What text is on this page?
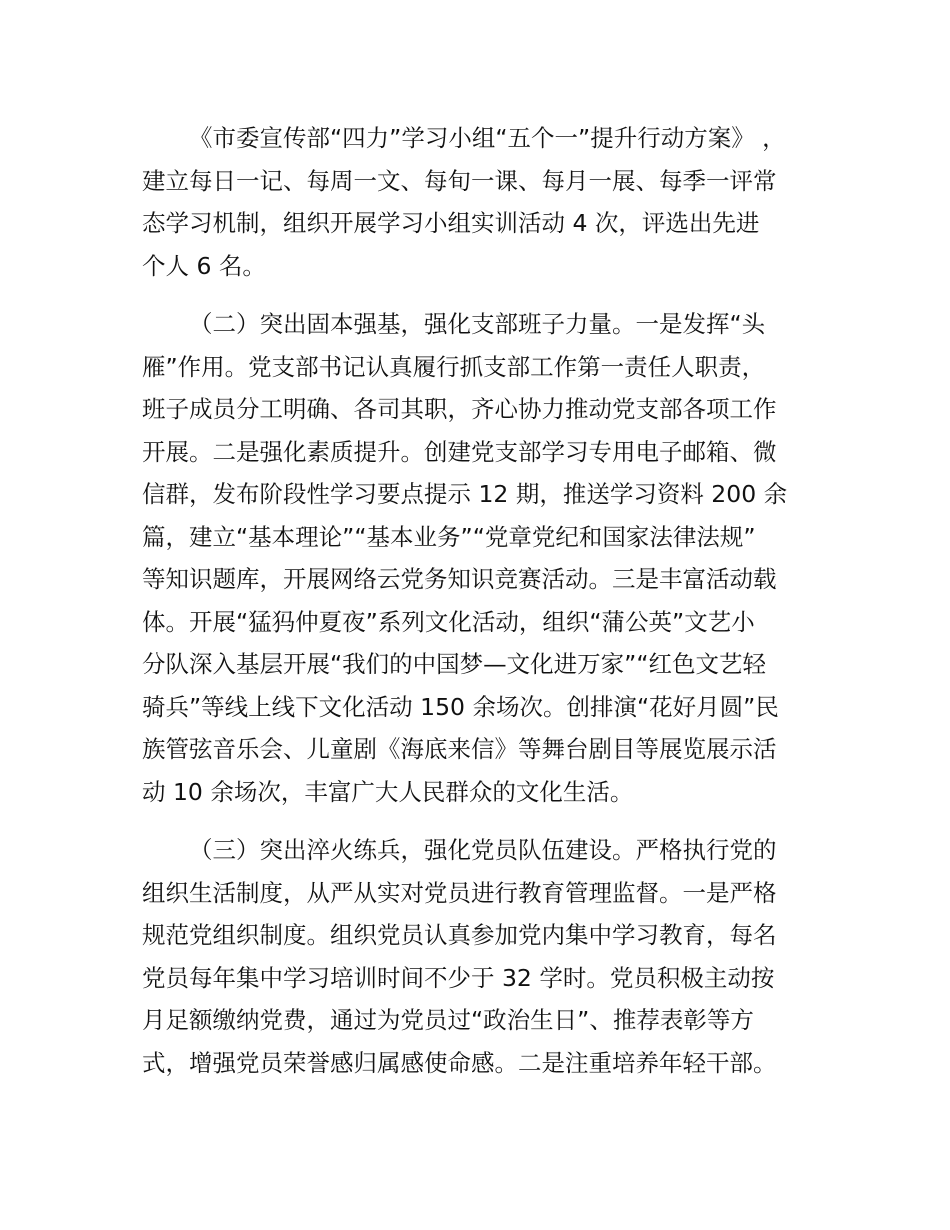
《市委宣传部“四力”学习小组“五个一”提升行动方案》 ，
建立每日一记、每周一文、每旬一课、每月一展、每季一评常
态学习机制，组织开展学习小组实训活动 4 次，评选出先进
个人 6 名。
（二）突出固本强基，强化支部班子力量。一是发挥“头
雁”作用。党支部书记认真履行抓支部工作第一责任人职责，
班子成员分工明确、各司其职，齐心协力推动党支部各项工作
开展。二是强化素质提升。创建党支部学习专用电子邮箱、微
信群，发布阶段性学习要点提示 12 期，推送学习资料 200 余
篇，建立“基本理论”“基本业务”“党章党纪和国家法律法规”
等知识题库，开展网络云党务知识竞赛活动。三是丰富活动载
体。开展“猛犸仲夏夜”系列文化活动，组织“蒲公英”文艺小
分队深入基层开展“我们的中国梦—文化进万家”“红色文艺轻
骑兵”等线上线下文化活动 150 余场次。创排演“花好月圆”民
族管弦音乐会、儿童剧《海底来信》等舞台剧目等展览展示活
动 10 余场次，丰富广大人民群众的文化生活。
（三）突出淬火练兵，强化党员队伍建设。严格执行党的
组织生活制度，从严从实对党员进行教育管理监督。一是严格
规范党组织制度。组织党员认真参加党内集中学习教育，每名
党员每年集中学习培训时间不少于 32 学时。党员积极主动按
月足额缴纳党费，通过为党员过“政治生日”、推荐表彰等方
式，增强党员荣誉感归属感使命感。二是注重培养年轻干部。
